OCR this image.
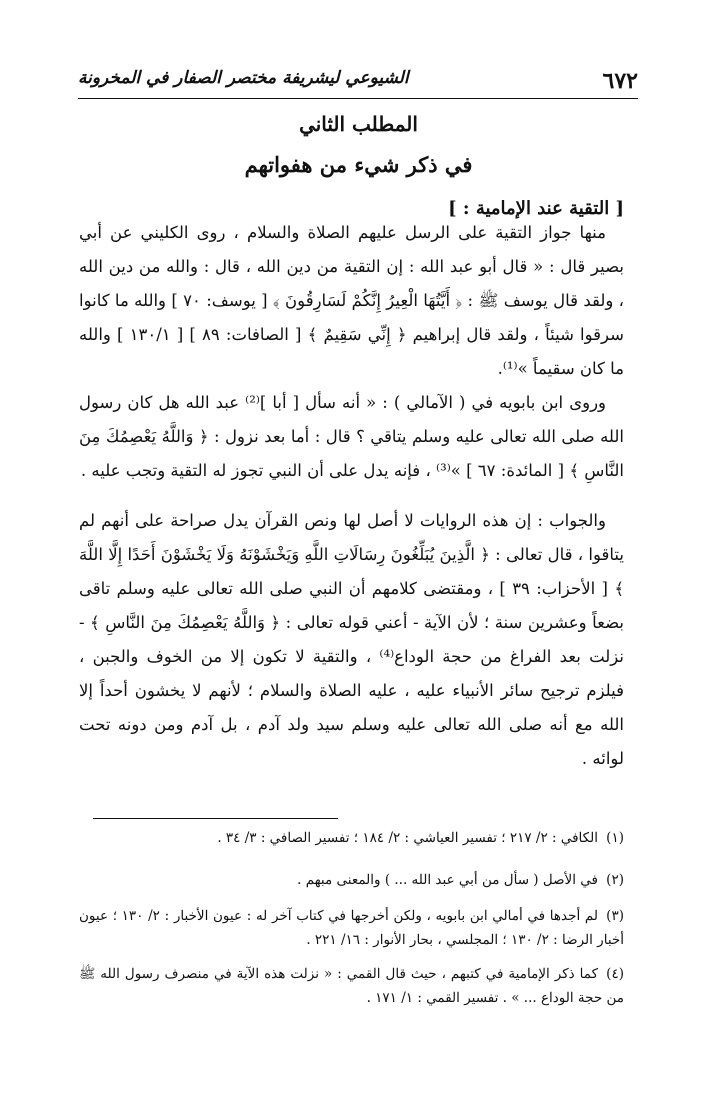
٦٧٢
الشيوعي ليشريفة مختصر الصفار في المخرونة
المطلب الثاني
في ذكر شيء من هفواتهم
[ التقية عند الإمامية : ]

منها جواز التقية على الرسل عليهم الصلاة والسلام ، روى الكليني عن أبي بصير قال : « قال أبو عبد الله : إن التقية من دين الله ، قال : والله من دين الله ، ولقد قال يوسف ﷺ : ﴿ أَيَّتُهَا الْعِيرُ إِنَّكُمْ لَسَارِقُونَ ﴾ [ يوسف: ٧٠ ] والله ما كانوا سرقوا شيئاً ، ولقد قال إبراهيم ﴿ إِنِّي سَقِيمٌ ﴾ [ الصافات: ٨٩ ] [ ١٣٠/١ ] والله ما كان سقيماً »⁽¹⁾.

وروى ابن بابويه في ( الآمالي ) : « أنه سأل [ أبا ]⁽²⁾ عبد الله هل كان رسول الله صلى الله تعالى عليه وسلم يتاقي ؟ قال : أما بعد نزول : ﴿ وَاللَّهُ يَعْصِمُكَ مِنَ النَّاسِ ﴾ [ المائدة: ٦٧ ] »⁽³⁾ ، فإنه يدل على أن النبي تجوز له التقية وتجب عليه .

والجواب : إن هذه الروايات لا أصل لها ونص القرآن يدل صراحة على أنهم لم يتاقوا ، قال تعالى : ﴿ الَّذِينَ يُبَلِّغُونَ رِسَالَاتِ اللَّهِ وَيَخْشَوْنَهُ وَلَا يَخْشَوْنَ أَحَدًا إِلَّا اللَّهَ ﴾ [ الأحزاب: ٣٩ ] ، ومقتضى كلامهم أن النبي صلى الله تعالى عليه وسلم تاقى بضعاً وعشرين سنة ؛ لأن الآية - أعني قوله تعالى : ﴿ وَاللَّهُ يَعْصِمُكَ مِنَ النَّاسِ ﴾ - نزلت بعد الفراغ من حجة الوداع⁽⁴⁾ ، والتقية لا تكون إلا من الخوف والجبن ، فيلزم ترجيح سائر الأنبياء عليه ، عليه الصلاة والسلام ؛ لأنهم لا يخشون أحداً إلا الله مع أنه صلى الله تعالى عليه وسلم سيد ولد آدم ، بل آدم ومن دونه تحت لوائه .

(١)الكافي : ٢/ ٢١٧ ؛ تفسير العياشي : ٢/ ١٨٤ ؛ تفسير الصافي : ٣/ ٣٤ .
(٢)في الأصل ( سأل من أبي عبد الله ... ) والمعنى مبهم .
(٣)لم أجدها في أمالي ابن بابويه ، ولكن أخرجها في كتاب آخر له : عيون الأخبار : ٢/ ١٣٠ ؛ عيون أخبار الرضا : ٢/ ١٣٠ ؛ المجلسي ، بحار الأنوار : ١٦/ ٢٢١ .
(٤)كما ذكر الإمامية في كتبهم ، حيث قال القمي : « نزلت هذه الآية في منصرف رسول الله ﷺ من حجة الوداع ... » . تفسير القمي : ١/ ١٧١ .
